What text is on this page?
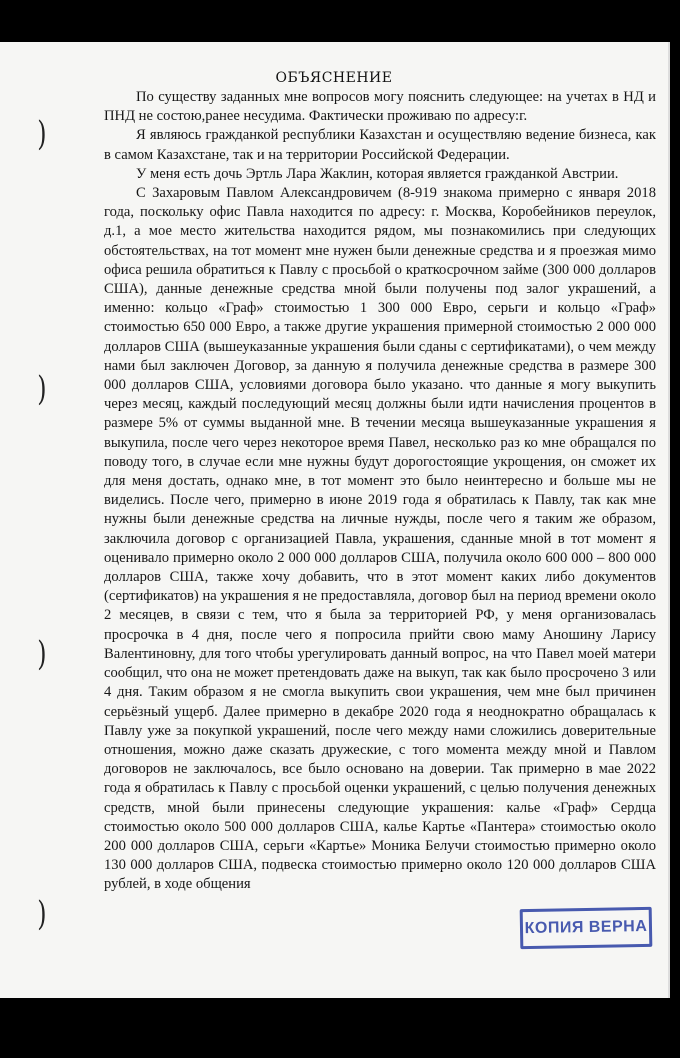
)
)
)
)
ОБЪЯСНЕНИЕ

По существу заданных мне вопросов могу пояснить следующее: на учетах в НД и ПНД не состою,ранее несудима. Фактически проживаю по адресу:г.

Я являюсь гражданкой республики Казахстан и осуществляю ведение бизнеса, как в самом Казахстане, так и на территории Российской Федерации.

У меня есть дочь Эртль Лара Жаклин, которая является гражданкой Австрии.

С Захаровым Павлом Александровичем (8-919 знакома примерно с января 2018 года, поскольку офис Павла находится по адресу: г. Москва, Коробейников переулок, д.1, а мое место жительства находится рядом, мы познакомились при следующих обстоятельствах, на тот момент мне нужен были денежные средства и я проезжая мимо офиса решила обратиться к Павлу с просьбой о краткосрочном займе (300 000 долларов США), данные денежные средства мной были получены под залог украшений, а именно: кольцо «Граф» стоимостью 1 300 000 Евро, серьги и кольцо «Граф» стоимостью 650 000 Евро, а также другие украшения примерной стоимостью 2 000 000 долларов США (вышеуказанные украшения были сданы с сертификатами), о чем между нами был заключен Договор, за данную я получила денежные средства в размере 300 000 долларов США, условиями договора было указано. что данные я могу выкупить через месяц, каждый последующий месяц должны были идти начисления процентов в размере 5% от суммы выданной мне. В течении месяца вышеуказанные украшения я выкупила, после чего через некоторое время Павел, несколько раз ко мне обращался по поводу того, в случае если мне нужны будут дорогостоящие укрощения, он сможет их для меня достать, однако мне, в тот момент это было неинтересно и больше мы не виделись. После чего, примерно в июне 2019 года я обратилась к Павлу, так как мне нужны были денежные средства на личные нужды, после чего я таким же образом, заключила договор с организацией Павла, украшения, сданные мной в тот момент я оценивало примерно около 2 000 000 долларов США, получила около 600 000 – 800 000 долларов США, также хочу добавить, что в этот момент каких либо документов (сертификатов) на украшения я не предоставляла, договор был на период времени около 2 месяцев, в связи с тем, что я была за территорией РФ, у меня организовалась просрочка в 4 дня, после чего я попросила прийти свою маму Аношину Ларису Валентиновну, для того чтобы урегулировать данный вопрос, на что Павел моей матери сообщил, что она не может претендовать даже на выкуп, так как было просрочено 3 или 4 дня. Таким образом я не смогла выкупить свои украшения, чем мне был причинен серьёзный ущерб. Далее примерно в декабре 2020 года я неоднократно обращалась к Павлу уже за покупкой украшений, после чего между нами сложились доверительные отношения, можно даже сказать дружеские, с того момента между мной и Павлом договоров не заключалось, все было основано на доверии. Так примерно в мае 2022 года я обратилась к Павлу с просьбой оценки украшений, с целью получения денежных средств, мной были принесены следующие украшения: калье «Граф» Сердца стоимостью около 500 000 долларов США, калье Картье «Пантера» стоимостью около 200 000 долларов США, серьги «Картье» Моника Белучи стоимостью примерно около 130 000 долларов США, подвеска стоимостью примерно около 120 000 долларов США рублей, в ходе общения

КОПИЯ ВЕРНА
